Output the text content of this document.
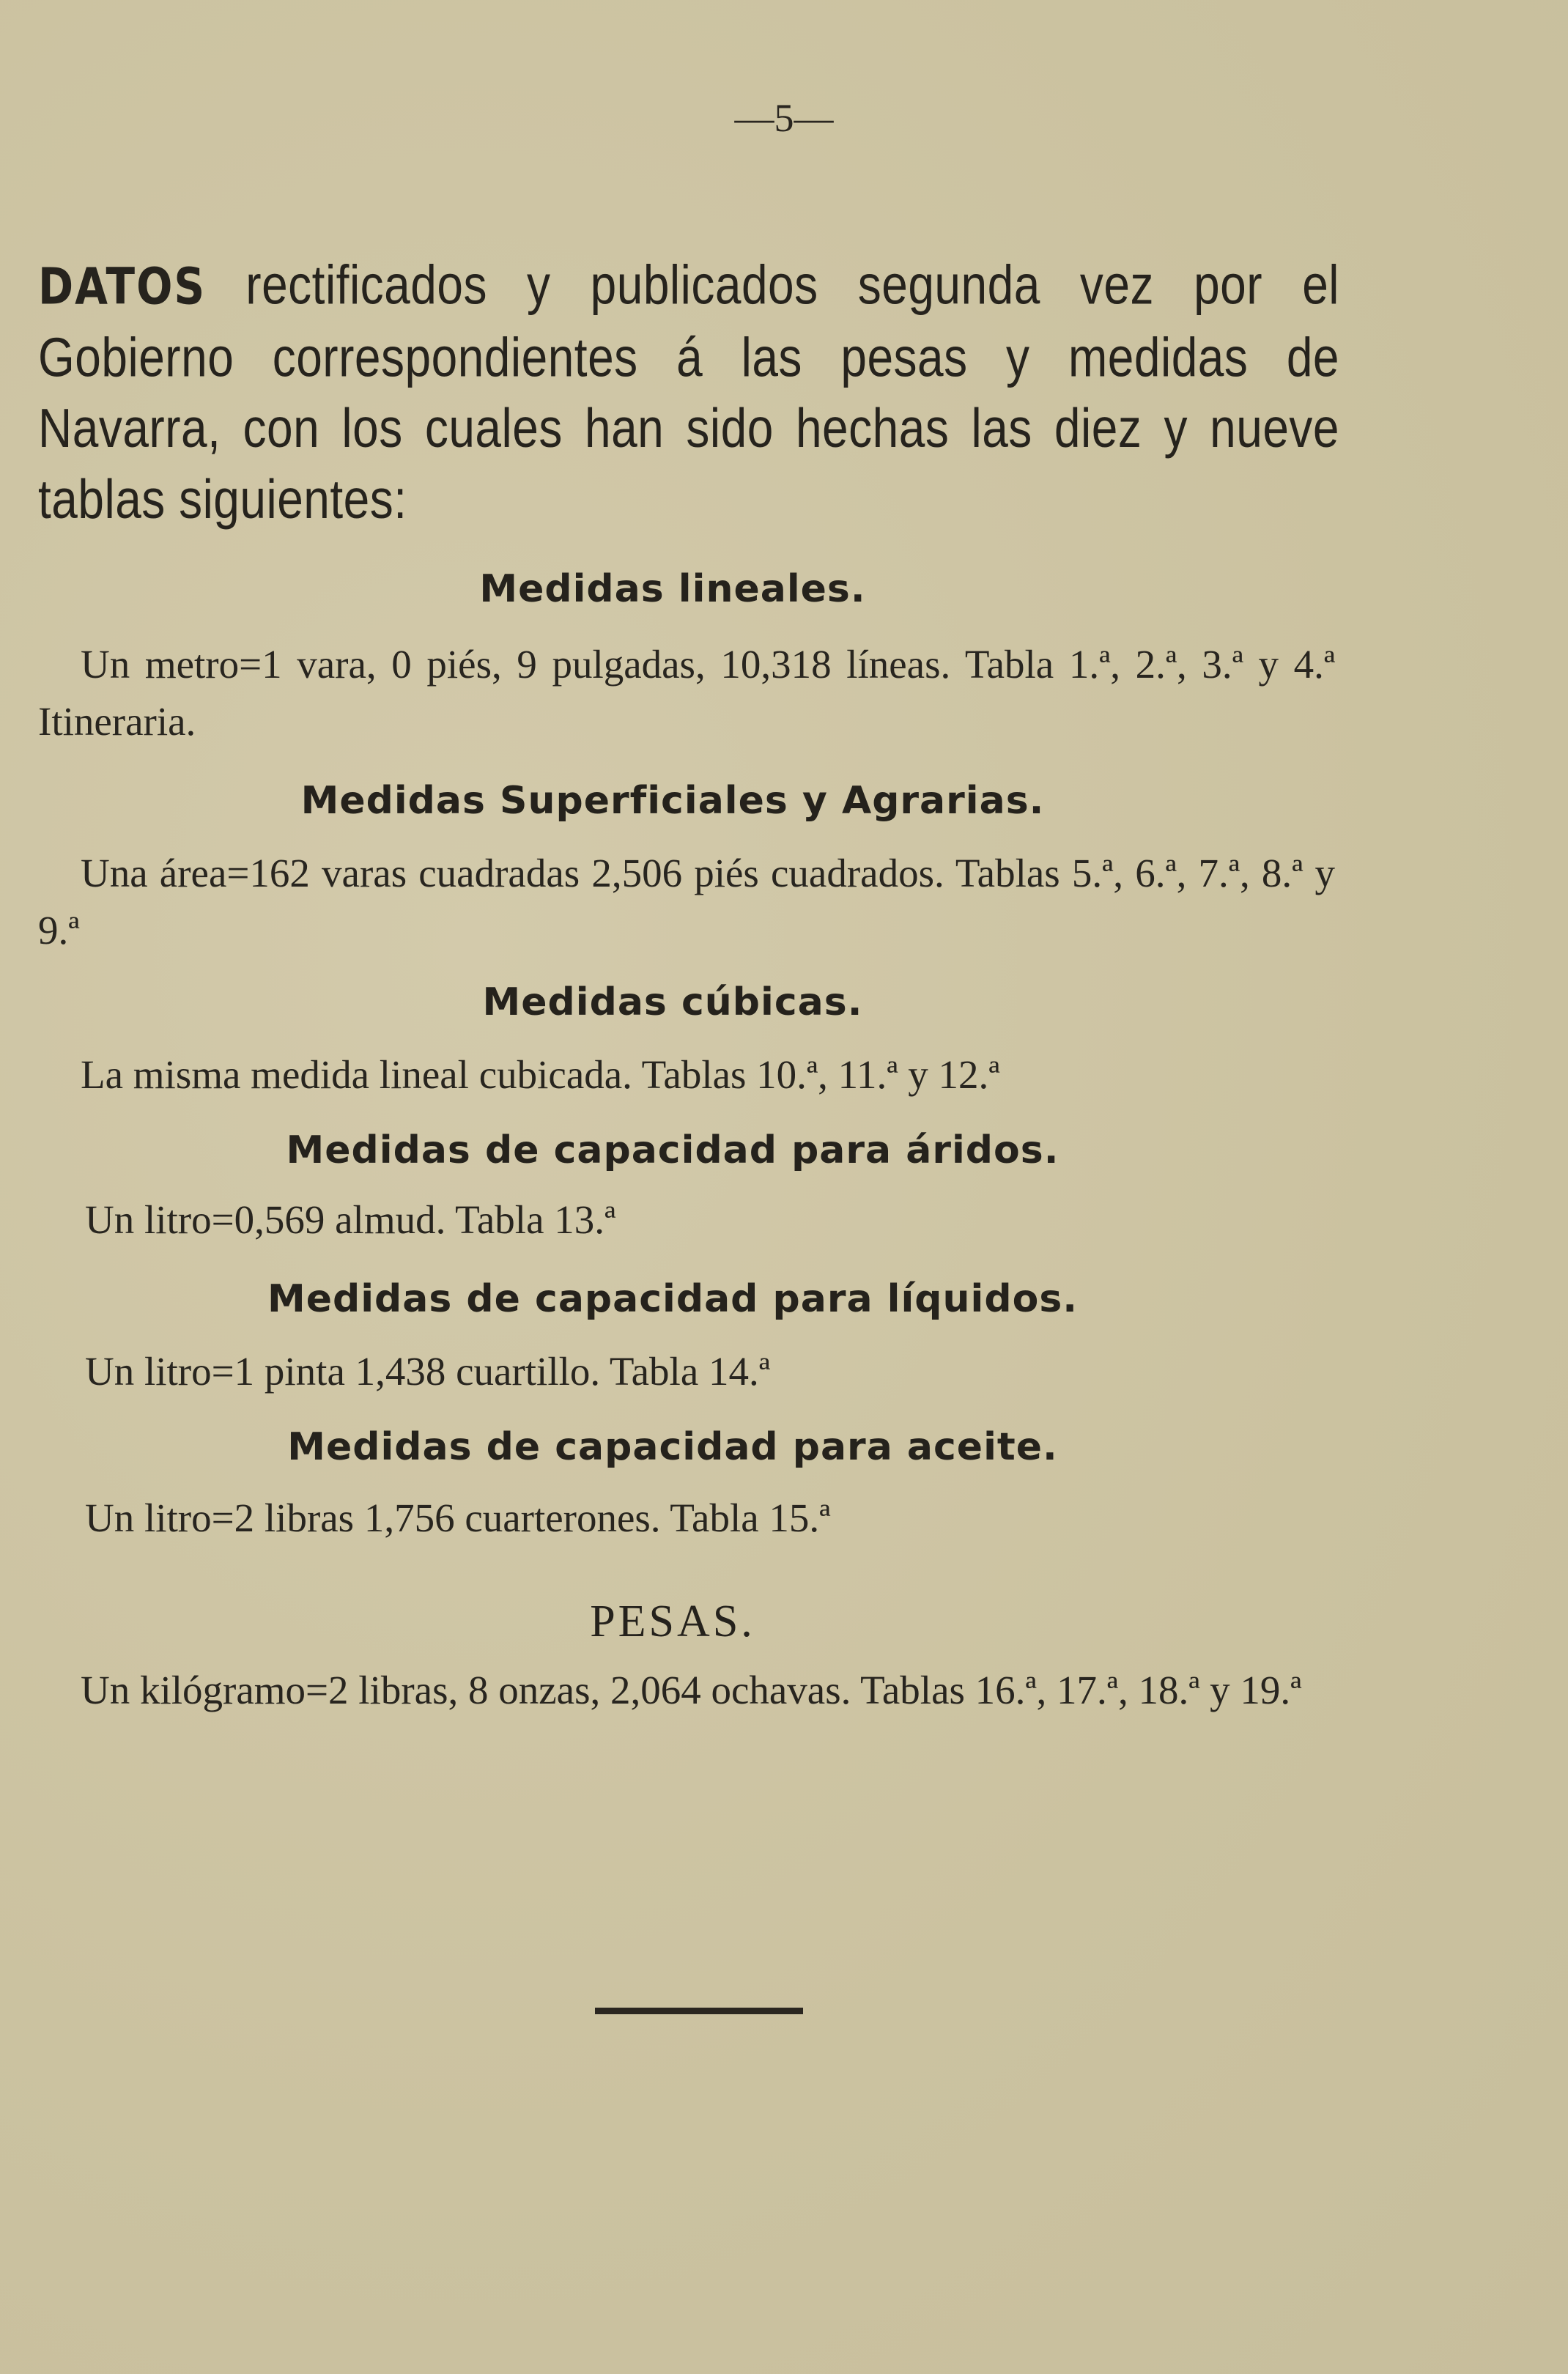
—5—
DATOS rectificados y publicados segunda vez por el Gobierno correspondientes á las pesas y medidas de Navarra, con los cuales han sido hechas las diez y nueve tablas siguientes:
Medidas lineales.
Un metro=1 vara, 0 piés, 9 pulgadas, 10,318 líneas. Tabla 1.ª, 2.ª, 3.ª y 4.ª Itineraria.
Medidas Superficiales y Agrarias.
Una área=162 varas cuadradas 2,506 piés cuadrados. Tablas 5.ª, 6.ª, 7.ª, 8.ª y 9.ª
Medidas cúbicas.
La misma medida lineal cubicada. Tablas 10.ª, 11.ª y 12.ª
Medidas de capacidad para áridos.
Un litro=0,569 almud. Tabla 13.ª
Medidas de capacidad para líquidos.
Un litro=1 pinta 1,438 cuartillo. Tabla 14.ª
Medidas de capacidad para aceite.
Un litro=2 libras 1,756 cuarterones. Tabla 15.ª
PESAS.
Un kilógramo=2 libras, 8 onzas, 2,064 ochavas. Tablas 16.ª, 17.ª, 18.ª y 19.ª
